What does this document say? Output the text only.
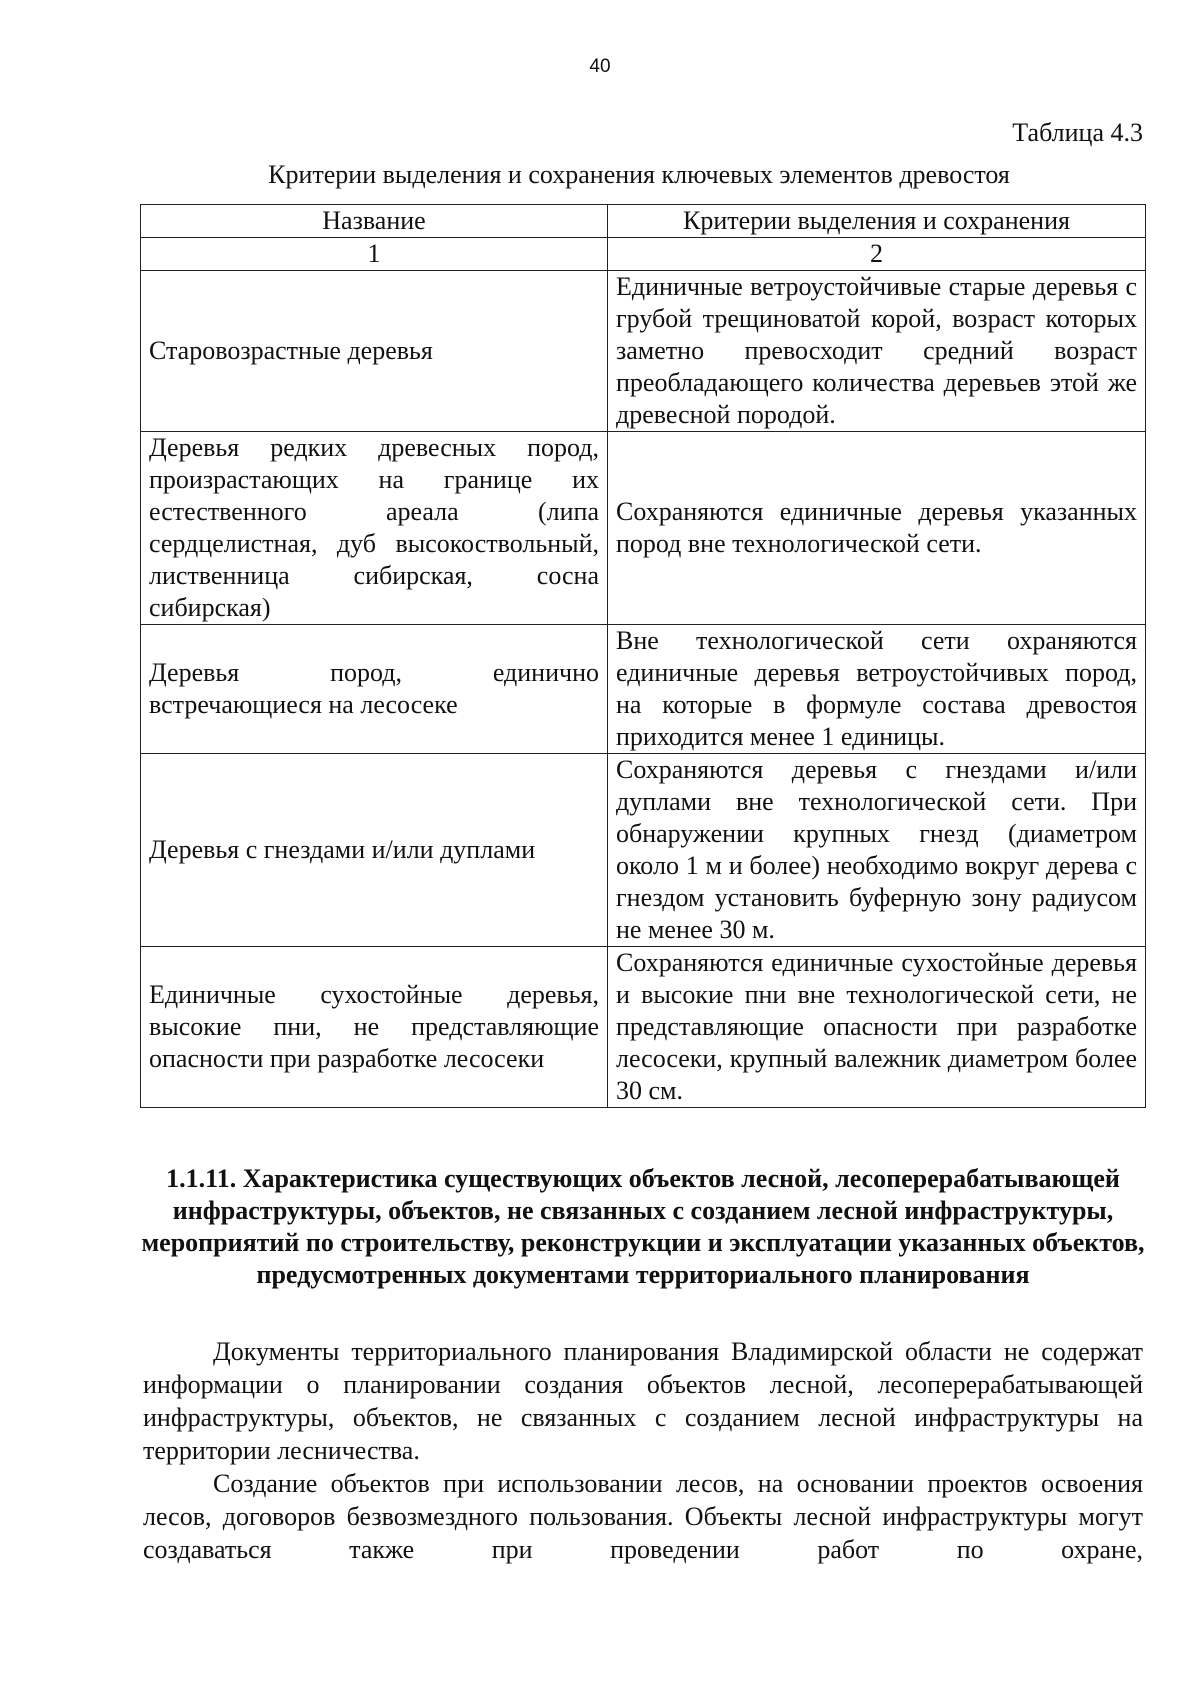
40
Таблица 4.3
Критерии выделения и сохранения ключевых элементов древостоя
Название	Критерии выделения и сохранения
1	2
Старовозрастные деревья	Единичные ветроустойчивые старые деревья с грубой трещиноватой корой, возраст которых заметно превосходит средний возраст преобладающего количества деревьев этой же древесной породой.
Деревья редких древесных пород, произрастающих на границе их естественного ареала (липа сердцелистная, дуб высокоствольный, лиственница сибирская, сосна сибирская)	Сохраняются единичные деревья указанных пород вне технологической сети.
Деревья пород, единично встречающиеся на лесосеке	Вне технологической сети охраняются единичные деревья ветроустойчивых пород, на которые в формуле состава древостоя приходится менее 1 единицы.
Деревья с гнездами и/или дуплами	Сохраняются деревья с гнездами и/или дуплами вне технологической сети. При обнаружении крупных гнезд (диаметром около 1 м и более) необходимо вокруг дерева с гнездом установить буферную зону радиусом не менее 30 м.
Единичные сухостойные деревья, высокие пни, не представляющие опасности при разработке лесосеки	Сохраняются единичные сухостойные деревья и высокие пни вне технологической сети, не представляющие опасности при разработке лесосеки, крупный валежник диаметром более 30 см.
1.1.11. Характеристика существующих объектов лесной, лесоперерабатывающей инфраструктуры, объектов, не связанных с созданием лесной инфраструктуры, мероприятий по строительству, реконструкции и эксплуатации указанных объектов, предусмотренных документами территориального планирования

Документы территориального планирования Владимирской области не содержат информации о планировании создания объектов лесной, лесоперерабатывающей инфраструктуры, объектов, не связанных с созданием лесной инфраструктуры на территории лесничества.

Создание объектов при использовании лесов, на основании проектов освоения лесов, договоров безвозмездного пользования. Объекты лесной инфраструктуры могут создаваться также при проведении работ по охране,
